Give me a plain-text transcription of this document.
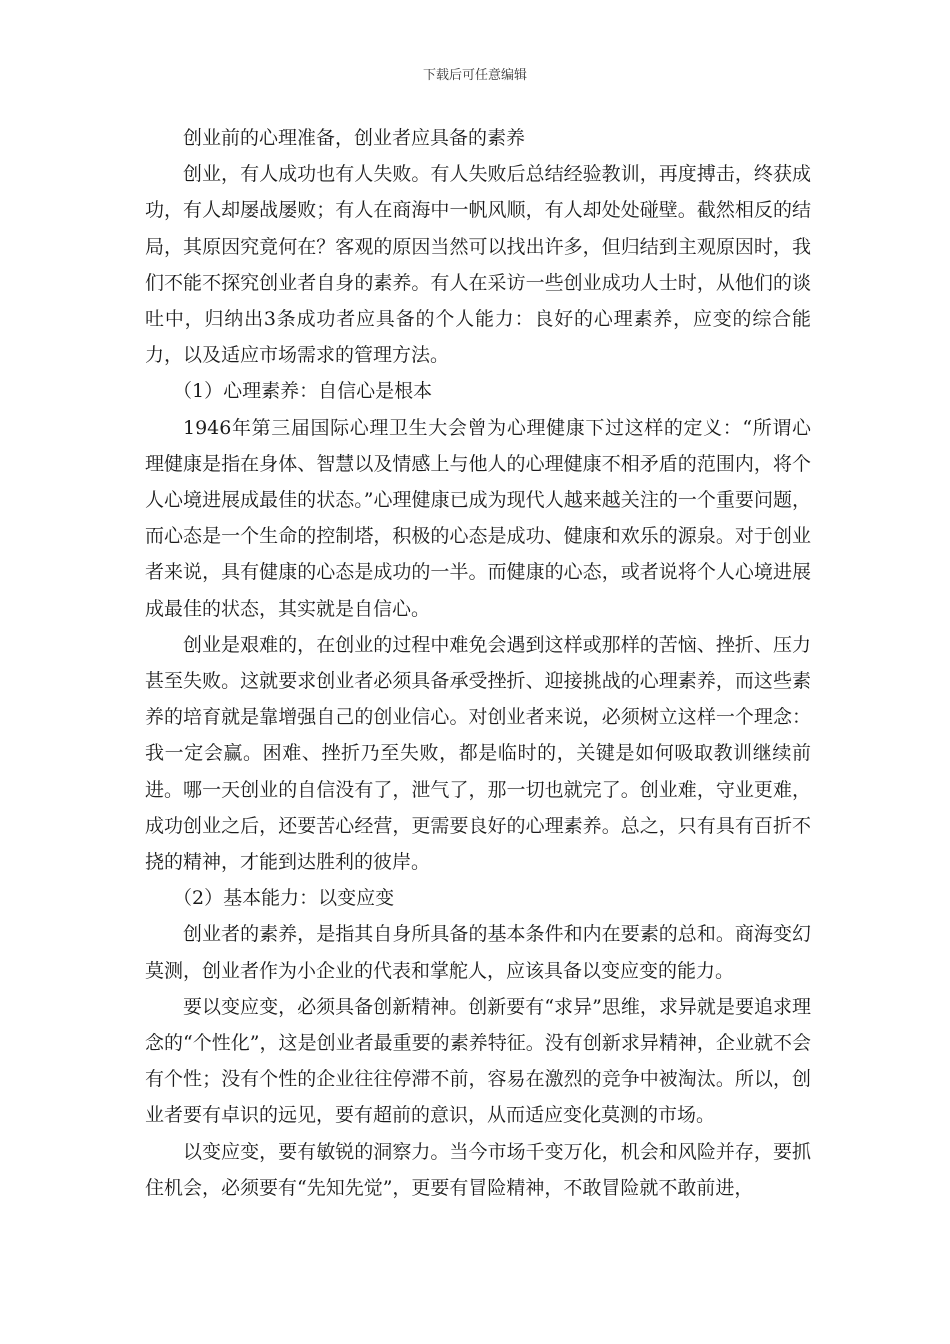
下载后可任意编辑

创业前的心理准备，创业者应具备的素养

创业，有人成功也有人失败。有人失败后总结经验教训，再度搏击，终获成功，有人却屡战屡败；有人在商海中一帆风顺，有人却处处碰壁。截然相反的结局，其原因究竟何在？客观的原因当然可以找出许多，但归结到主观原因时，我们不能不探究创业者自身的素养。有人在采访一些创业成功人士时，从他们的谈吐中，归纳出3条成功者应具备的个人能力：良好的心理素养，应变的综合能力，以及适应市场需求的管理方法。

（1）心理素养：自信心是根本

1946年第三届国际心理卫生大会曾为心理健康下过这样的定义：“所谓心理健康是指在身体、智慧以及情感上与他人的心理健康不相矛盾的范围内，将个人心境进展成最佳的状态。”心理健康已成为现代人越来越关注的一个重要问题，而心态是一个生命的控制塔，积极的心态是成功、健康和欢乐的源泉。对于创业者来说，具有健康的心态是成功的一半。而健康的心态，或者说将个人心境进展成最佳的状态，其实就是自信心。

创业是艰难的，在创业的过程中难免会遇到这样或那样的苦恼、挫折、压力甚至失败。这就要求创业者必须具备承受挫折、迎接挑战的心理素养，而这些素养的培育就是靠增强自己的创业信心。对创业者来说，必须树立这样一个理念：我一定会赢。困难、挫折乃至失败，都是临时的，关键是如何吸取教训继续前进。哪一天创业的自信没有了，泄气了，那一切也就完了。创业难，守业更难，成功创业之后，还要苦心经营，更需要良好的心理素养。总之，只有具有百折不挠的精神，才能到达胜利的彼岸。

（2）基本能力：以变应变

创业者的素养，是指其自身所具备的基本条件和内在要素的总和。商海变幻莫测，创业者作为小企业的代表和掌舵人，应该具备以变应变的能力。

要以变应变，必须具备创新精神。创新要有“求异”思维，求异就是要追求理念的“个性化”，这是创业者最重要的素养特征。没有创新求异精神，企业就不会有个性；没有个性的企业往往停滞不前，容易在激烈的竞争中被淘汰。所以，创业者要有卓识的远见，要有超前的意识，从而适应变化莫测的市场。

以变应变，要有敏锐的洞察力。当今市场千变万化，机会和风险并存，要抓住机会，必须要有“先知先觉”，更要有冒险精神，不敢冒险就不敢前进，
